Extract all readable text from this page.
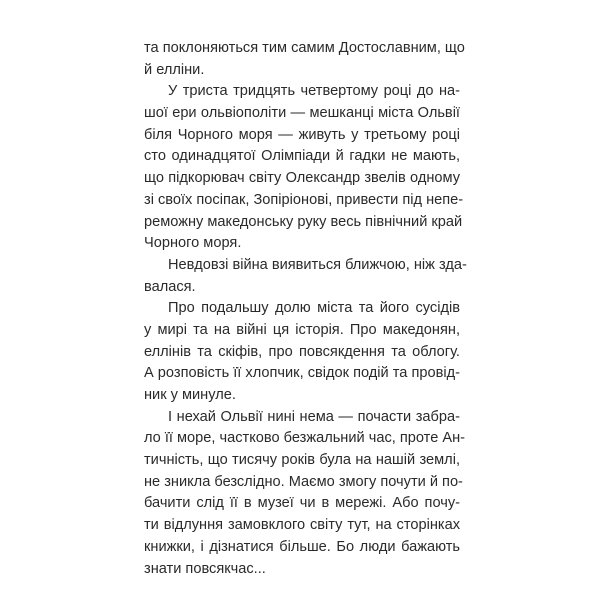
та поклоняються тим самим Достославним, що
й елліни.
У триста тридцять четвертому році до на-
шої ери ольвіополіти — мешканці міста Ольвії
біля Чорного моря — живуть у третьому році
сто одинадцятої Олімпіади й гадки не мають,
що підкорювач світу Олександр звелів одному
зі своїх посіпак, Зопіріонові, привести під непе-
реможну македонську руку весь північний край
Чорного моря.
Невдовзі війна виявиться ближчою, ніж зда-
валася.
Про подальшу долю міста та його сусідів
у мирі та на війні ця історія. Про македонян,
еллінів та скіфів, про повсякдення та облогу.
А розповість її хлопчик, свідок подій та провід-
ник у минуле.
І нехай Ольвії нині нема — почасти забра-
ло її море, частково безжальний час, проте Ан-
тичність, що тисячу років була на нашій землі,
не зникла безслідно. Маємо змогу почути й по-
бачити слід її в музеї чи в мережі. Або почу-
ти відлуння замовклого світу тут, на сторінках
книжки, і дізнатися більше. Бо люди бажають
знати повсякчас...
